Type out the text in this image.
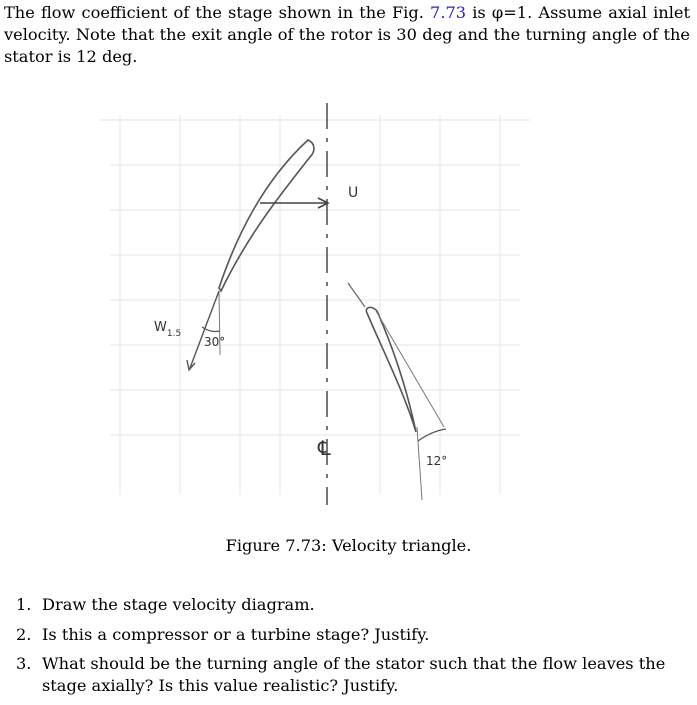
The flow coefficient of the stage shown in the Fig. 7.73 is φ=1. Assume axial inlet velocity. Note that the exit angle of the rotor is 30 deg and the turning angle of the stator is 12 deg.
U
$W_{1.5}$
30°
12°
℄
Figure 7.73: Velocity triangle.
1. Draw the stage velocity diagram.
2. Is this a compressor or a turbine stage? Justify.
3. What should be the turning angle of the stator such that the flow leaves the stage axially? Is this value realistic? Justify.
